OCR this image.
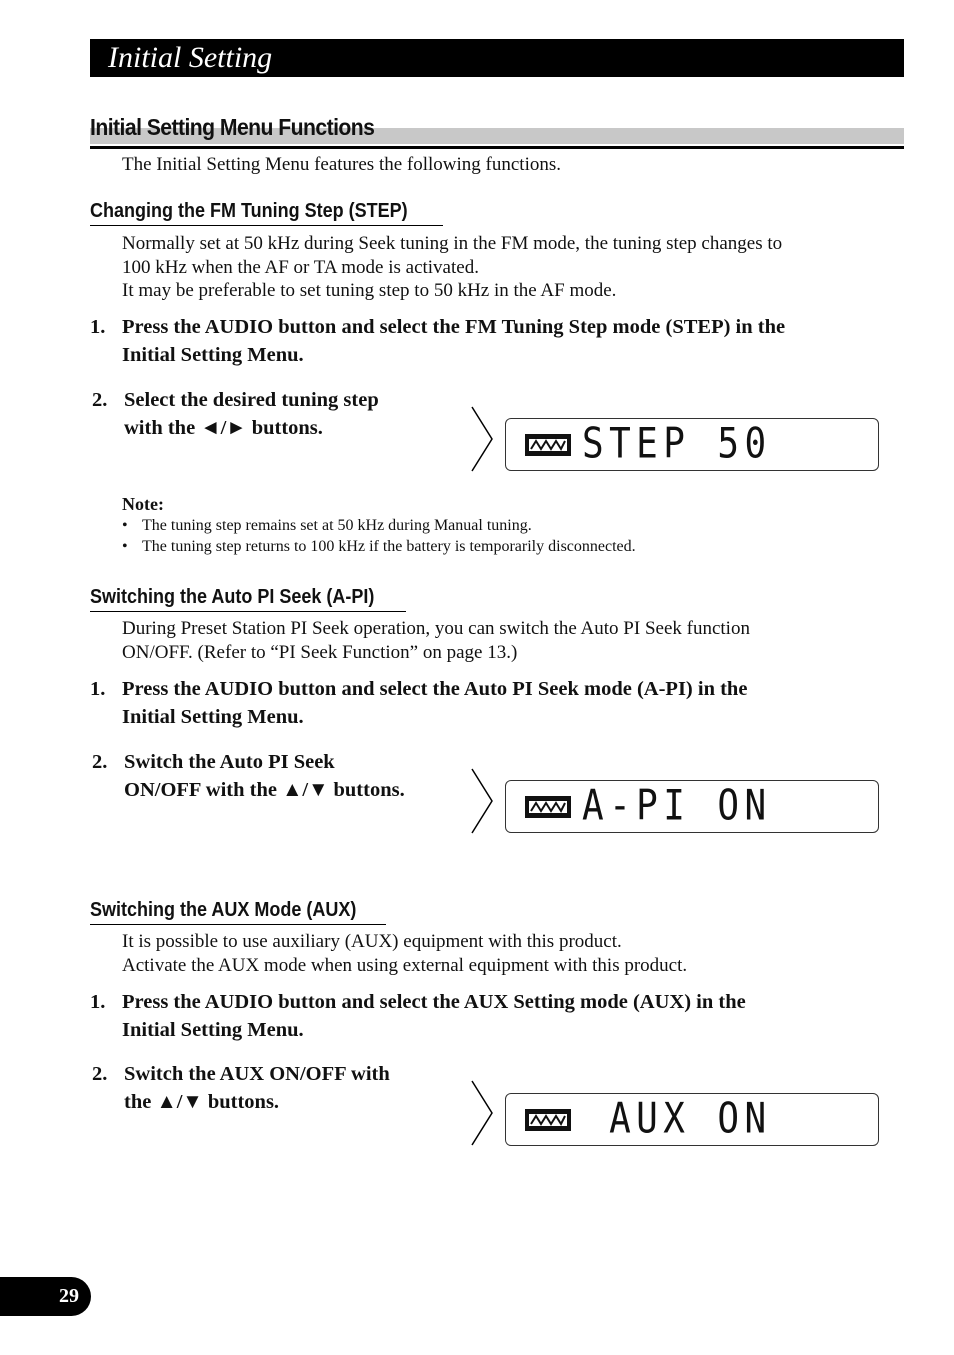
Initial Setting
Initial Setting Menu Functions
The Initial Setting Menu features the following functions.
Changing the FM Tuning Step (STEP)
Normally set at 50 kHz during Seek tuning in the FM mode, the tuning step changes to
100 kHz when the AF or TA mode is activated.
It may be preferable to set tuning step to 50 kHz in the AF mode.
1. Press the AUDIO button and select the FM Tuning Step mode (STEP) in the
Initial Setting Menu.
2. Select the desired tuning step
with the ◄/► buttons.	STEP 50
Note:
• The tuning step remains set at 50 kHz during Manual tuning.
• The tuning step returns to 100 kHz if the battery is temporarily disconnected.
Switching the Auto PI Seek (A-PI)
During Preset Station PI Seek operation, you can switch the Auto PI Seek function
ON/OFF. (Refer to “PI Seek Function” on page 13.)
1. Press the AUDIO button and select the Auto PI Seek mode (A-PI) in the
Initial Setting Menu.
2. Switch the Auto PI Seek
ON/OFF with the ▲/▼ buttons.	A-PI ON
Switching the AUX Mode (AUX)
It is possible to use auxiliary (AUX) equipment with this product.
Activate the AUX mode when using external equipment with this product.
1. Press the AUDIO button and select the AUX Setting mode (AUX) in the
Initial Setting Menu.
2. Switch the AUX ON/OFF with
the ▲/▼ buttons.	AUX ON
29
